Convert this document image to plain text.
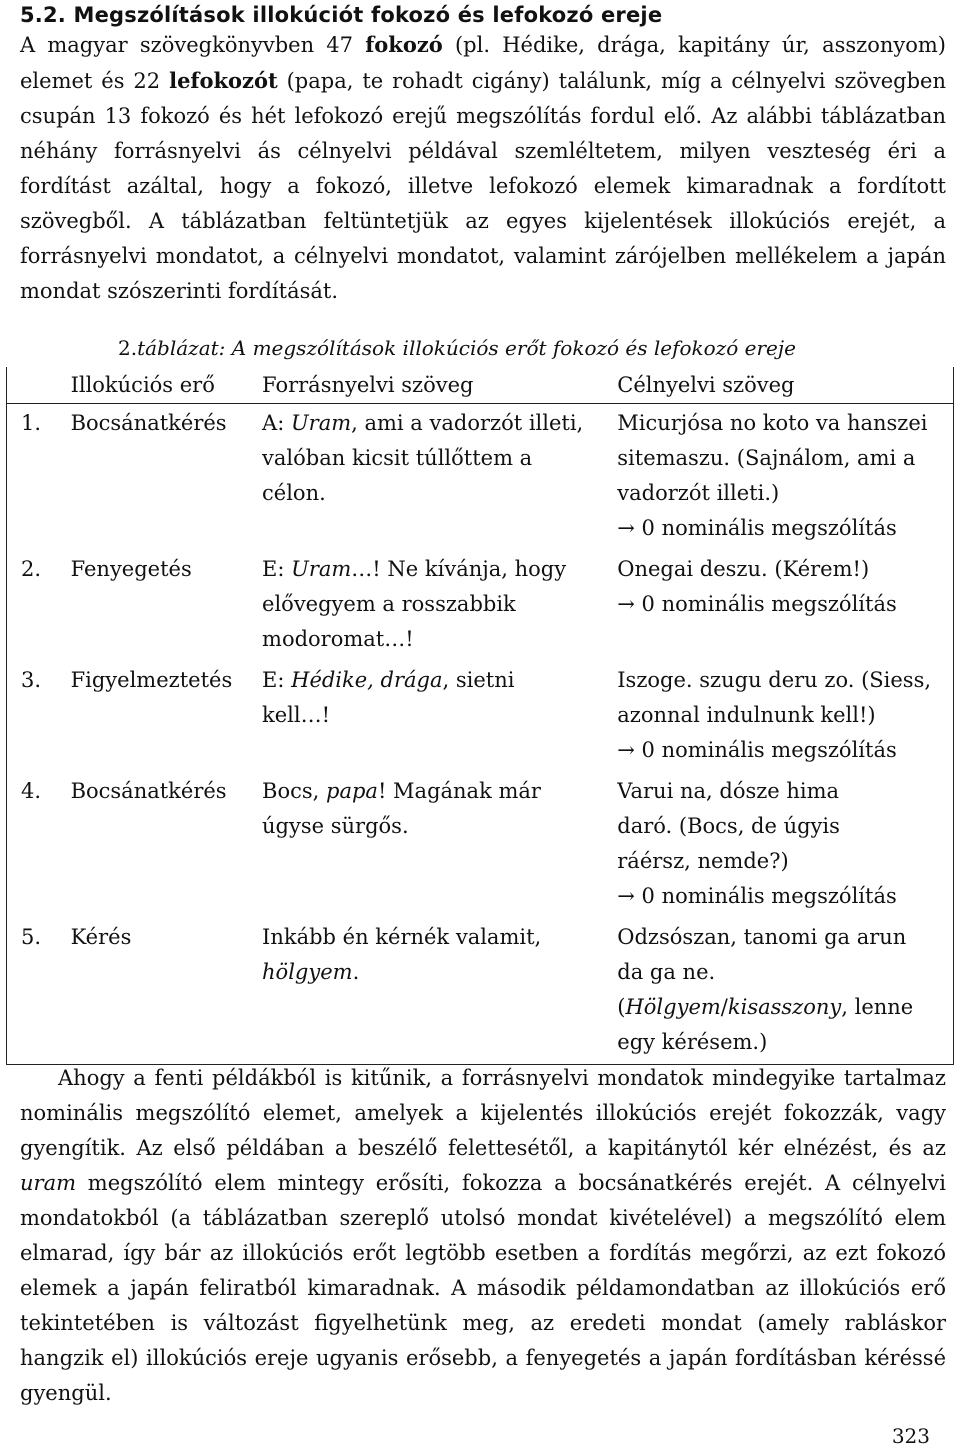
5.2. Megszólítások illokúciót fokozó és lefokozó ereje

A magyar szövegkönyvben 47 fokozó (pl. Hédike, drága, kapitány úr, asszonyom) elemet és 22 lefokozót (papa, te rohadt cigány) találunk, míg a célnyelvi szövegben csupán 13 fokozó és hét lefokozó erejű megszólítás fordul elő. Az alábbi táblázatban néhány forrásnyelvi ás célnyelvi példával szemléltetem, milyen veszteség éri a fordítást azáltal, hogy a fokozó, illetve lefokozó elemek kimaradnak a fordított szövegből. A táblázatban feltüntetjük az egyes kijelentések illokúciós erejét, a forrásnyelvi mondatot, a célnyelvi mondatot, valamint zárójelben mellékelem a japán mondat szószerinti fordítását.

2.táblázat: A megszólítások illokúciós erőt fokozó és lefokozó ereje
	Illokúciós erő	Forrásnyelvi szöveg	Célnyelvi szöveg
1.	Bocsánatkérés	A: Uram, ami a vadorzót illeti, valóban kicsit túllőttem a célon.	Micurjósa no koto va hanszei sitemaszu. (Sajnálom, ami a vadorzót illeti.)
→ 0 nominális megszólítás

2.	Fenyegetés	E: Uram…! Ne kívánja, hogy elővegyem a rosszabbik modoromat…!	Onegai deszu. (Kérem!)
→ 0 nominális megszólítás

3.	Figyelmeztetés	E: Hédike, drága, sietni kell…!	Iszoge. szugu deru zo. (Siess, azonnal indulnunk kell!)
→ 0 nominális megszólítás

4.	Bocsánatkérés	Bocs, papa! Magának már úgyse sürgős.	Varui na, dósze hima daró. (Bocs, de úgyis ráérsz, nemde?)
→ 0 nominális megszólítás

5.	Kérés	Inkább én kérnék valamit, hölgyem.	Odzsószan, tanomi ga arun da ga ne. (Hölgyem/kisasszony, lenne egy kérésem.)

Ahogy a fenti példákból is kitűnik, a forrásnyelvi mondatok mindegyike tartalmaz nominális megszólító elemet, amelyek a kijelentés illokúciós erejét fokozzák, vagy gyengítik. Az első példában a beszélő felettesétől, a kapitánytól kér elnézést, és az uram megszólító elem mintegy erősíti, fokozza a bocsánatkérés erejét. A célnyelvi mondatokból (a táblázatban szereplő utolsó mondat kivételével) a megszólító elem elmarad, így bár az illokúciós erőt legtöbb esetben a fordítás megőrzi, az ezt fokozó elemek a japán feliratból kimaradnak. A második példamondatban az illokúciós erő tekintetében is változást figyelhetünk meg, az eredeti mondat (amely rabláskor hangzik el) illokúciós ereje ugyanis erősebb, a fenyegetés a japán fordításban kéréssé gyengül.

323
